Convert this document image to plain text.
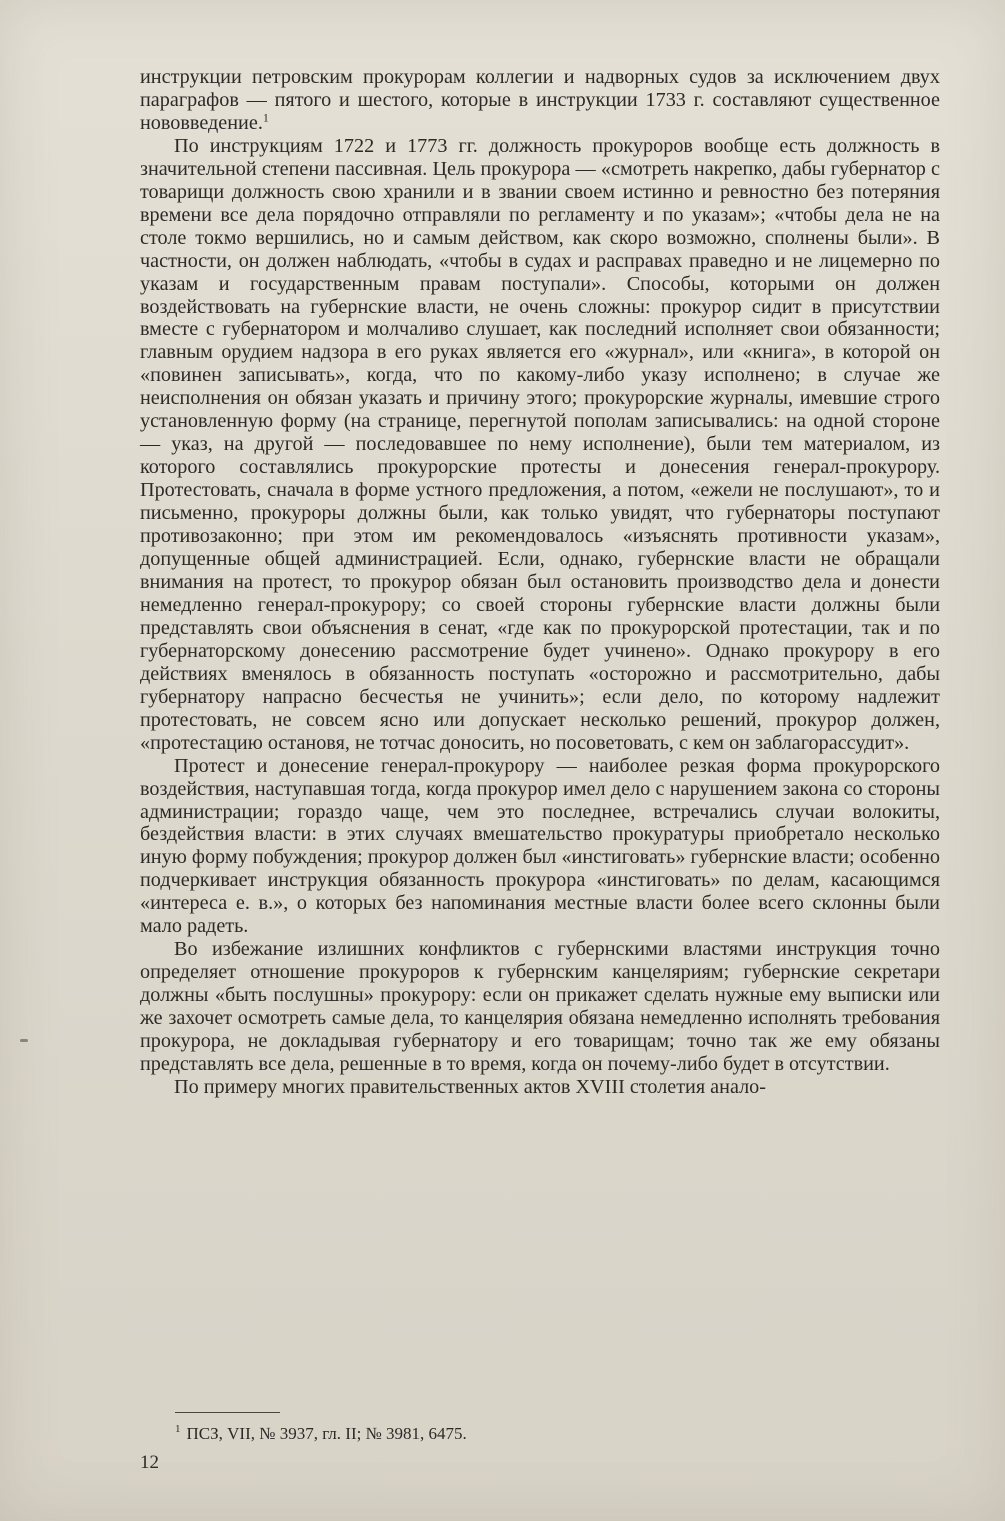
инструкции петровским прокурорам коллегии и надворных судов за исключением двух параграфов — пятого и шестого, которые в инструкции 1733 г. составляют существенное нововведение.$^1$

По инструкциям 1722 и 1773 гг. должность прокуроров вообще есть должность в значительной степени пассивная. Цель прокурора — «смотреть накрепко, дабы губернатор с товарищи должность свою хранили и в звании своем истинно и ревностно без потеряния времени все дела порядочно отправляли по регламенту и по указам»; «чтобы дела не на столе токмо вершились, но и самым действом, как скоро возможно, сполнены были». В частности, он должен наблюдать, «чтобы в судах и расправах праведно и не лицемерно по указам и государственным правам поступали». Способы, которыми он должен воздействовать на губернские власти, не очень сложны: прокурор сидит в присутствии вместе с губернатором и молчаливо слушает, как последний исполняет свои обязанности; главным орудием надзора в его руках является его «журнал», или «книга», в которой он «повинен записывать», когда, что по какому-либо указу исполнено; в случае же неисполнения он обязан указать и причину этого; прокурорские журналы, имевшие строго установленную форму (на странице, перегнутой пополам записывались: на одной стороне — указ, на другой — последовавшее по нему исполнение), были тем материалом, из которого составлялись прокурорские протесты и донесения генерал-прокурору. Протестовать, сначала в форме устного предложения, а потом, «ежели не послушают», то и письменно, прокуроры должны были, как только увидят, что губернаторы поступают противозаконно; при этом им рекомендовалось «изъяснять противности указам», допущенные общей администрацией. Если, однако, губернские власти не обращали внимания на протест, то прокурор обязан был остановить производство дела и донести немедленно генерал-прокурору; со своей стороны губернские власти должны были представлять свои объяснения в сенат, «где как по прокурорской протестации, так и по губернаторскому донесению рассмотрение будет учинено». Однако прокурору в его действиях вменялось в обязанность поступать «осторожно и рассмотрительно, дабы губернатору напрасно бесчестья не учинить»; если дело, по которому надлежит протестовать, не совсем ясно или допускает несколько решений, прокурор должен, «протестацию остановя, не тотчас доносить, но посоветовать, с кем он заблагорассудит».

Протест и донесение генерал-прокурору — наиболее резкая форма прокурорского воздействия, наступавшая тогда, когда прокурор имел дело с нарушением закона со стороны администрации; гораздо чаще, чем это последнее, встречались случаи волокиты, бездействия власти: в этих случаях вмешательство прокуратуры приобретало несколько иную форму побуждения; прокурор должен был «инстиговать» губернские власти; особенно подчеркивает инструкция обязанность прокурора «инстиговать» по делам, касающимся «интереса е. в.», о которых без напоминания местные власти более всего склонны были мало радеть.

Во избежание излишних конфликтов с губернскими властями инструкция точно определяет отношение прокуроров к губернским канцеляриям; губернские секретари должны «быть послушны» прокурору: если он прикажет сделать нужные ему выписки или же захочет осмотреть самые дела, то канцелярия обязана немедленно исполнять требования прокурора, не докладывая губернатору и его товарищам; точно так же ему обязаны представлять все дела, решенные в то время, когда он почему-либо будет в отсутствии.

По примеру многих правительственных актов XVIII столетия анало-

$^1$ ПСЗ, VII, № 3937, гл. II; № 3981, 6475.
12
